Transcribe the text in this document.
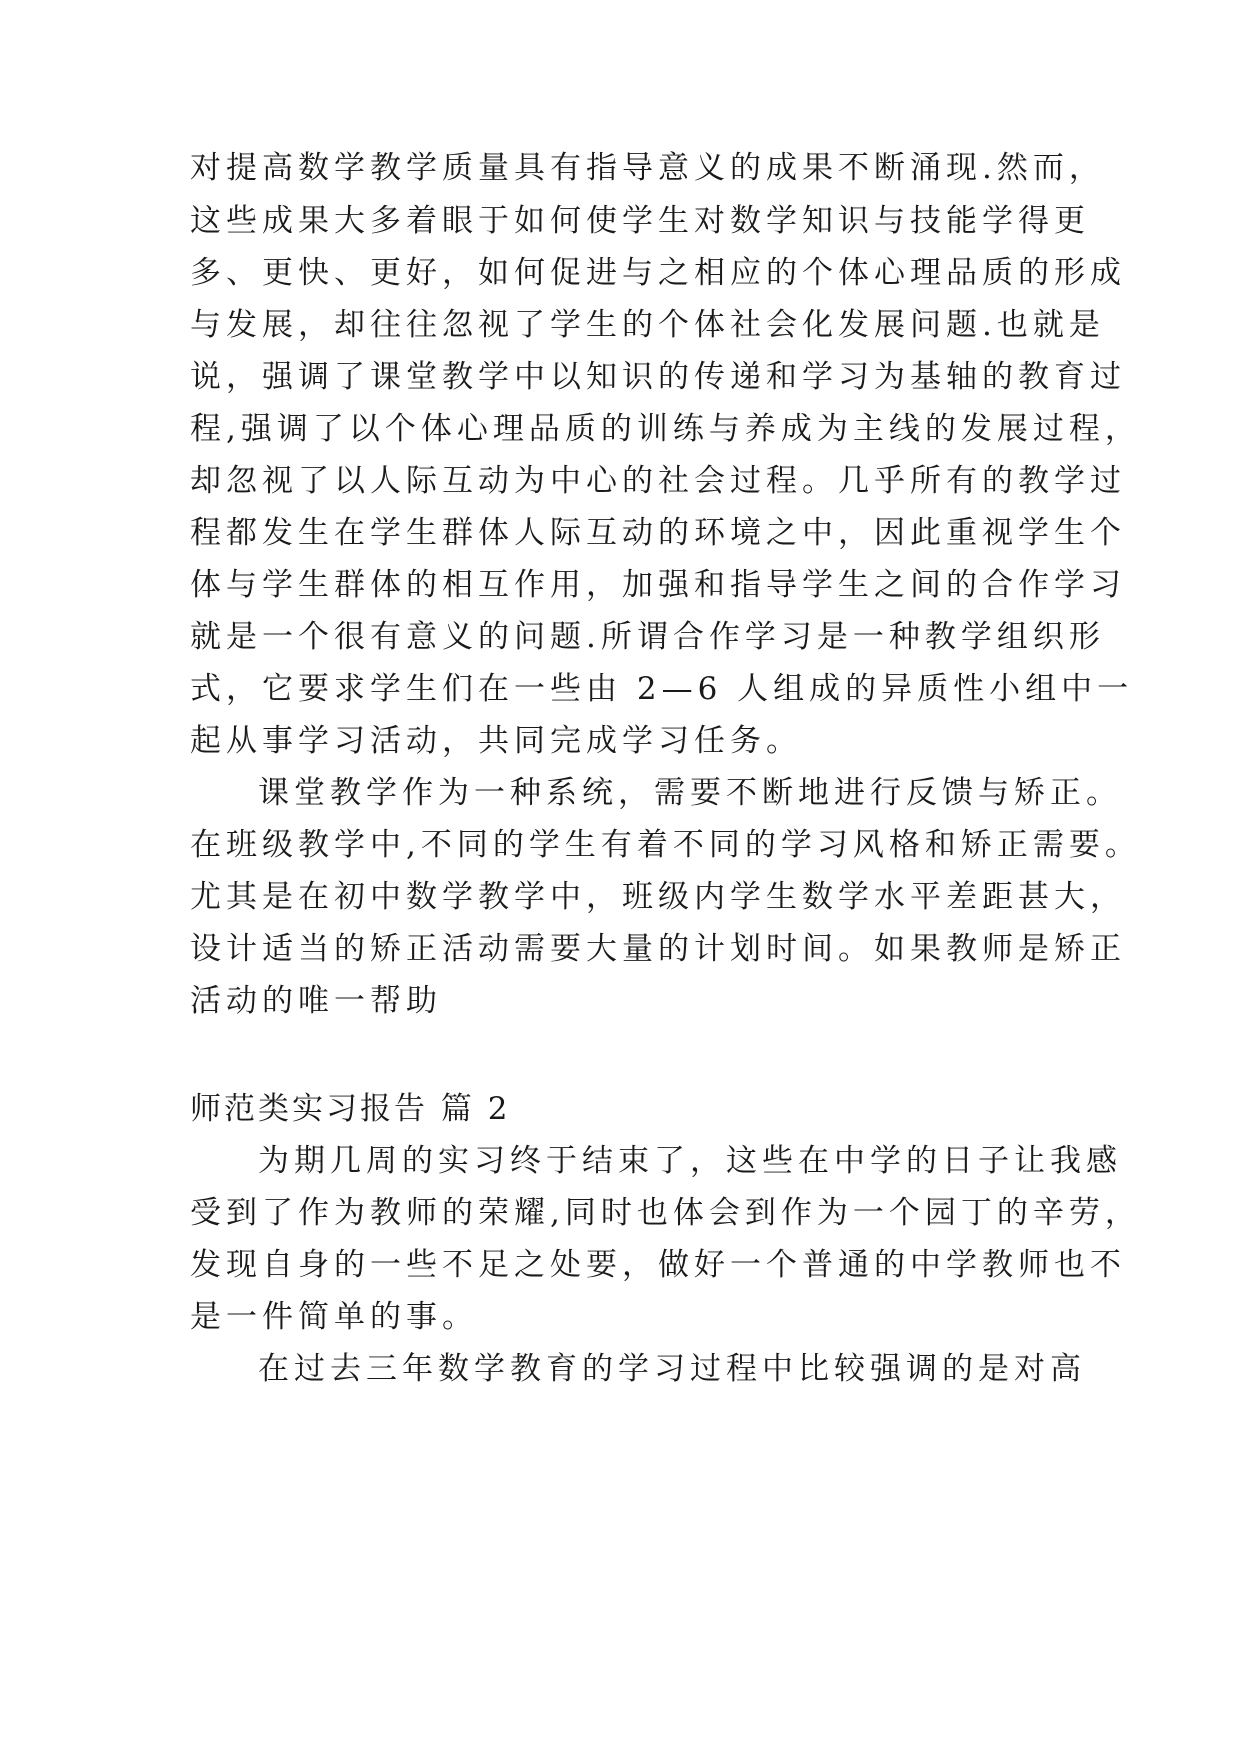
对提高数学教学质量具有指导意义的成果不断涌现.然而，
这些成果大多着眼于如何使学生对数学知识与技能学得更
多、更快、更好，如何促进与之相应的个体心理品质的形成
与发展，却往往忽视了学生的个体社会化发展问题.也就是
说，强调了课堂教学中以知识的传递和学习为基轴的教育过
程,强调了以个体心理品质的训练与养成为主线的发展过程，
却忽视了以人际互动为中心的社会过程。几乎所有的教学过
程都发生在学生群体人际互动的环境之中，因此重视学生个
体与学生群体的相互作用，加强和指导学生之间的合作学习
就是一个很有意义的问题.所谓合作学习是一种教学组织形
式，它要求学生们在一些由 2—6 人组成的异质性小组中一
起从事学习活动，共同完成学习任务。
课堂教学作为一种系统，需要不断地进行反馈与矫正。
在班级教学中,不同的学生有着不同的学习风格和矫正需要。
尤其是在初中数学教学中，班级内学生数学水平差距甚大，
设计适当的矫正活动需要大量的计划时间。如果教师是矫正
活动的唯一帮助
师范类实习报告 篇 2
为期几周的实习终于结束了，这些在中学的日子让我感
受到了作为教师的荣耀,同时也体会到作为一个园丁的辛劳，
发现自身的一些不足之处要，做好一个普通的中学教师也不
是一件简单的事。
在过去三年数学教育的学习过程中比较强调的是对高
